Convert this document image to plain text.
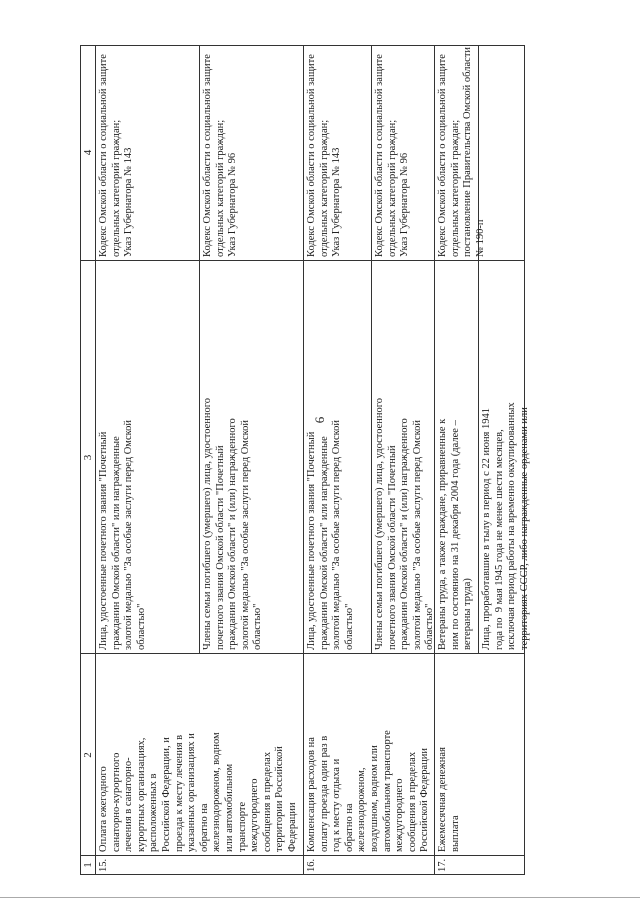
6
1
2
3
4
15.
Оплата ежегодного
санаторно-курортного
лечения в санаторно-
курортных организациях,
расположенных в
Российской Федерации, и
проезда к месту лечения в
указанных организациях и
обратно на
железнодорожном, водном
или автомобильном
транспорте
междугороднего
сообщения в пределах
территории Российской
Федерации
Лица, удостоенные почетного звания "Почетный
гражданин Омской области" или награжденные
золотой медалью "За особые заслуги перед Омской
областью"
Кодекс Омской области о социальной защите
отдельных категорий граждан;
Указ Губернатора № 143
Члены семьи погибшего (умершего) лица, удостоенного
почетного звания Омской области "Почетный
гражданин Омской области" и (или) награжденного
золотой медалью "За особые заслуги перед Омской
областью"
Кодекс Омской области о социальной защите
отдельных категорий граждан;
Указ Губернатора № 96
16.
Компенсация расходов на
оплату проезда один раз в
год к месту отдыха и
обратно на
железнодорожном,
воздушном, водном или
автомобильном транспорте
междугороднего
сообщения в пределах
Российской Федерации
Лица, удостоенные почетного звания "Почетный
гражданин Омской области" или награжденные
золотой медалью "За особые заслуги перед Омской
областью"
Кодекс Омской области о социальной защите
отдельных категорий граждан;
Указ Губернатора № 143
Члены семьи погибшего (умершего) лица, удостоенного
почетного звания Омской области "Почетный
гражданин Омской области" и (или) награжденного
золотой медалью "За особые заслуги перед Омской
областью"
Кодекс Омской области о социальной защите
отдельных категорий граждан;
Указ Губернатора № 96
17.
Ежемесячная денежная
выплата
Ветераны труда, а также граждане, приравненные к
ним по состоянию на 31 декабря 2004 года (далее –
ветераны труда)
Кодекс Омской области о социальной защите
отдельных категорий граждан;
постановление Правительства Омской области
№ 190-п
Лица, проработавшие в тылу в период с 22 июня 1941
года по  9 мая 1945 года не менее шести месяцев,
исключая период работы на временно оккупированных
территориях СССР, либо награжденные орденами или
